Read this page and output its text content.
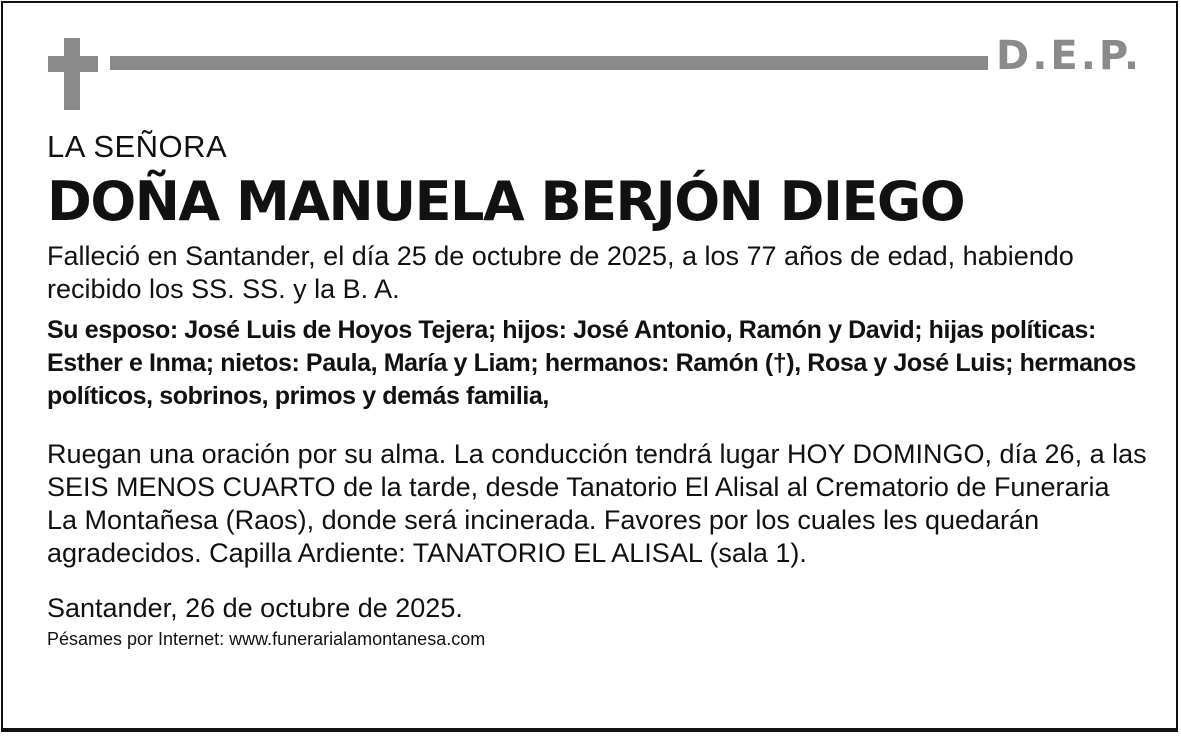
D.E.P.
LA SEÑORA
DOÑA MANUELA BERJÓN DIEGO

Falleció en Santander, el día 25 de octubre de 2025, a los 77 años de edad, habiendo recibido los SS. SS. y la B. A.

Su esposo: José Luis de Hoyos Tejera; hijos: José Antonio, Ramón y David; hijas políticas: Esther e Inma; nietos: Paula, María y Liam; hermanos: Ramón (†), Rosa y José Luis; hermanos políticos, sobrinos, primos y demás familia,

Ruegan una oración por su alma. La conducción tendrá lugar HOY DOMINGO, día 26, a las SEIS MENOS CUARTO de la tarde, desde Tanatorio El Alisal al Crematorio de Funeraria La Montañesa (Raos), donde será incinerada. Favores por los cuales les quedarán agradecidos. Capilla Ardiente: TANATORIO EL ALISAL (sala 1).

Santander, 26 de octubre de 2025.
Pésames por Internet: www.funerarialamontanesa.com
